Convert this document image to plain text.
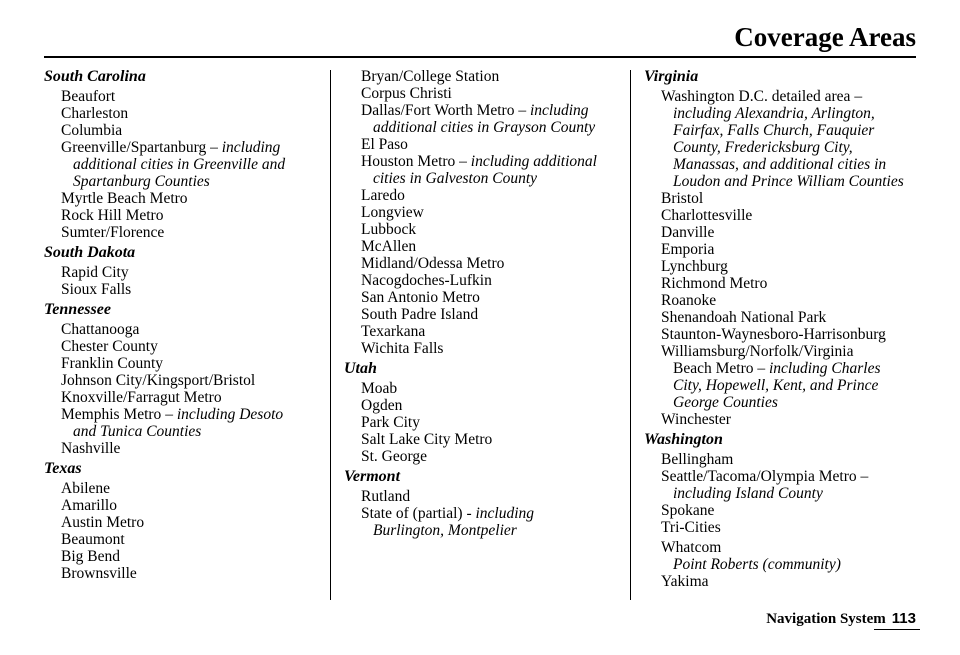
Coverage Areas
South Carolina
Beaufort
Charleston
Columbia
Greenville/Spartanburg – including
additional cities in Greenville and
Spartanburg Counties
Myrtle Beach Metro
Rock Hill Metro
Sumter/Florence
South Dakota
Rapid City
Sioux Falls
Tennessee
Chattanooga
Chester County
Franklin County
Johnson City/Kingsport/Bristol
Knoxville/Farragut Metro
Memphis Metro – including Desoto
and Tunica Counties
Nashville
Texas
Abilene
Amarillo
Austin Metro
Beaumont
Big Bend
Brownsville
Bryan/College Station
Corpus Christi
Dallas/Fort Worth Metro – including
additional cities in Grayson County
El Paso
Houston Metro – including additional
cities in Galveston County
Laredo
Longview
Lubbock
McAllen
Midland/Odessa Metro
Nacogdoches-Lufkin
San Antonio Metro
South Padre Island
Texarkana
Wichita Falls
Utah
Moab
Ogden
Park City
Salt Lake City Metro
St. George
Vermont
Rutland
State of (partial) - including
Burlington, Montpelier
Virginia
Washington D.C. detailed area –
including Alexandria, Arlington,
Fairfax, Falls Church, Fauquier
County, Fredericksburg City,
Manassas, and additional cities in
Loudon and Prince William Counties
Bristol
Charlottesville
Danville
Emporia
Lynchburg
Richmond Metro
Roanoke
Shenandoah National Park
Staunton-Waynesboro-Harrisonburg
Williamsburg/Norfolk/Virginia
Beach Metro – including Charles
City, Hopewell, Kent, and Prince
George Counties
Winchester
Washington
Bellingham
Seattle/Tacoma/Olympia Metro –
including Island County
Spokane
Tri-Cities
Whatcom
Point Roberts (community)
Yakima
Navigation System 113
